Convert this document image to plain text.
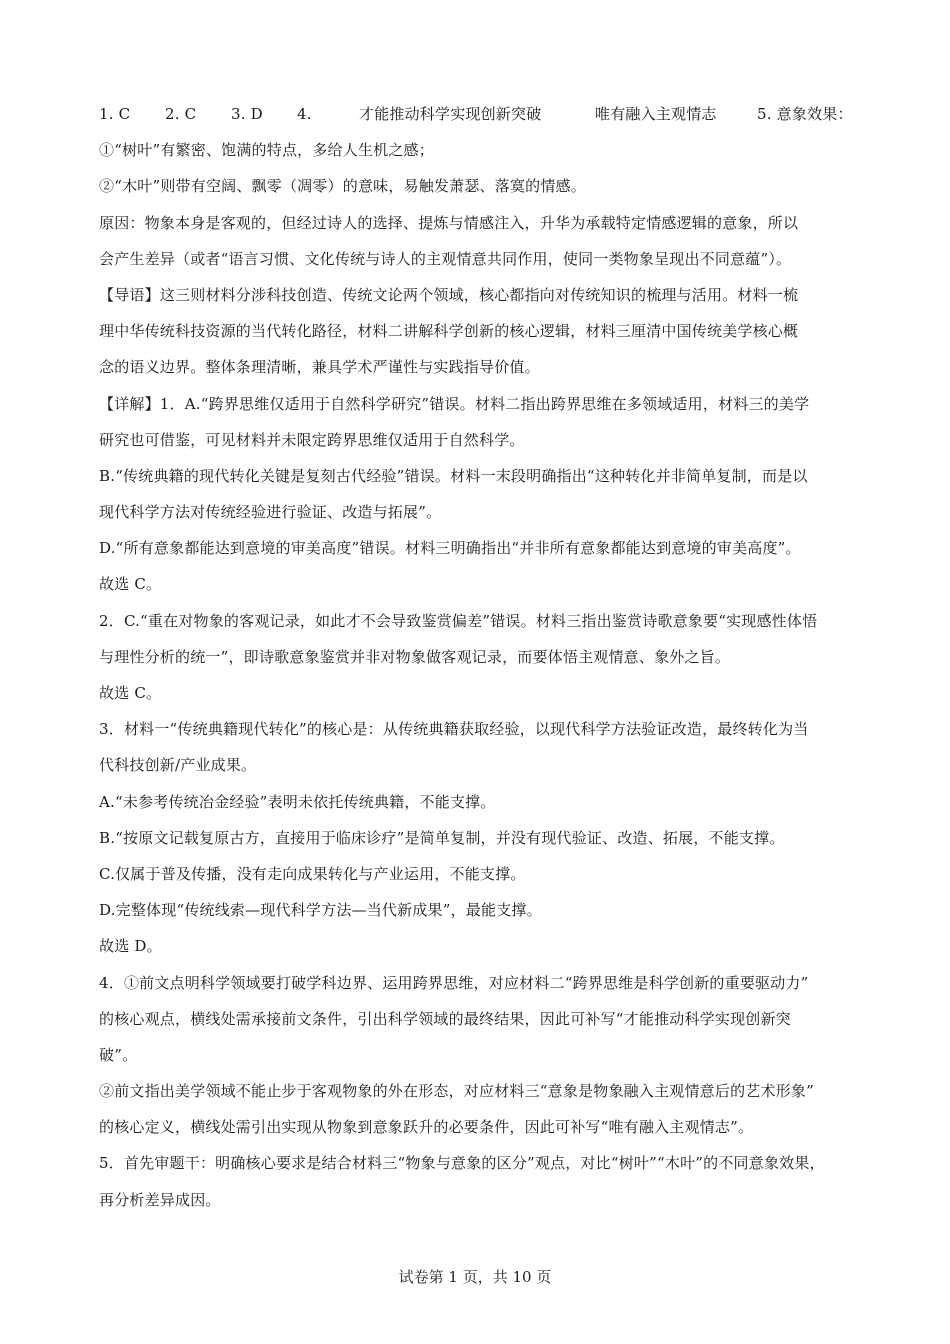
1. C	2. C	3. D	4.	才能推动科学实现创新突破	唯有融入主观情志	5. 意象效果：
①“树叶”有繁密、饱满的特点，多给人生机之感；
②“木叶”则带有空阔、飘零（凋零）的意味，易触发萧瑟、落寞的情感。
原因：物象本身是客观的，但经过诗人的选择、提炼与情感注入，升华为承载特定情感逻辑的意象，所以
会产生差异（或者“语言习惯、文化传统与诗人的主观情意共同作用，使同一类物象呈现出不同意蕴”）。
【导语】这三则材料分涉科技创造、传统文论两个领域，核心都指向对传统知识的梳理与活用。材料一梳
理中华传统科技资源的当代转化路径，材料二讲解科学创新的核心逻辑，材料三厘清中国传统美学核心概
念的语义边界。整体条理清晰，兼具学术严谨性与实践指导价值。
【详解】1．A.“跨界思维仅适用于自然科学研究”错误。材料二指出跨界思维在多领域适用，材料三的美学
研究也可借鉴，可见材料并未限定跨界思维仅适用于自然科学。
B.“传统典籍的现代转化关键是复刻古代经验”错误。材料一末段明确指出“这种转化并非简单复制，而是以
现代科学方法对传统经验进行验证、改造与拓展”。
D.“所有意象都能达到意境的审美高度”错误。材料三明确指出“并非所有意象都能达到意境的审美高度”。
故选 C。
2．C.“重在对物象的客观记录，如此才不会导致鉴赏偏差”错误。材料三指出鉴赏诗歌意象要“实现感性体悟
与理性分析的统一”，即诗歌意象鉴赏并非对物象做客观记录，而要体悟主观情意、象外之旨。
故选 C。
3．材料一“传统典籍现代转化”的核心是：从传统典籍获取经验，以现代科学方法验证改造，最终转化为当
代科技创新/产业成果。
A.“未参考传统冶金经验”表明未依托传统典籍，不能支撑。
B.“按原文记载复原古方，直接用于临床诊疗”是简单复制，并没有现代验证、改造、拓展，不能支撑。
C.仅属于普及传播，没有走向成果转化与产业运用，不能支撑。
D.完整体现“传统线索—现代科学方法—当代新成果”，最能支撑。
故选 D。
4．①前文点明科学领域要打破学科边界、运用跨界思维，对应材料二“跨界思维是科学创新的重要驱动力”
的核心观点，横线处需承接前文条件，引出科学领域的最终结果，因此可补写“才能推动科学实现创新突
破”。
②前文指出美学领域不能止步于客观物象的外在形态，对应材料三“意象是物象融入主观情意后的艺术形象”
的核心定义，横线处需引出实现从物象到意象跃升的必要条件，因此可补写“唯有融入主观情志”。
5．首先审题干：明确核心要求是结合材料三“物象与意象的区分”观点，对比“树叶”“木叶”的不同意象效果，
再分析差异成因。
试卷第 1 页，共 10 页
